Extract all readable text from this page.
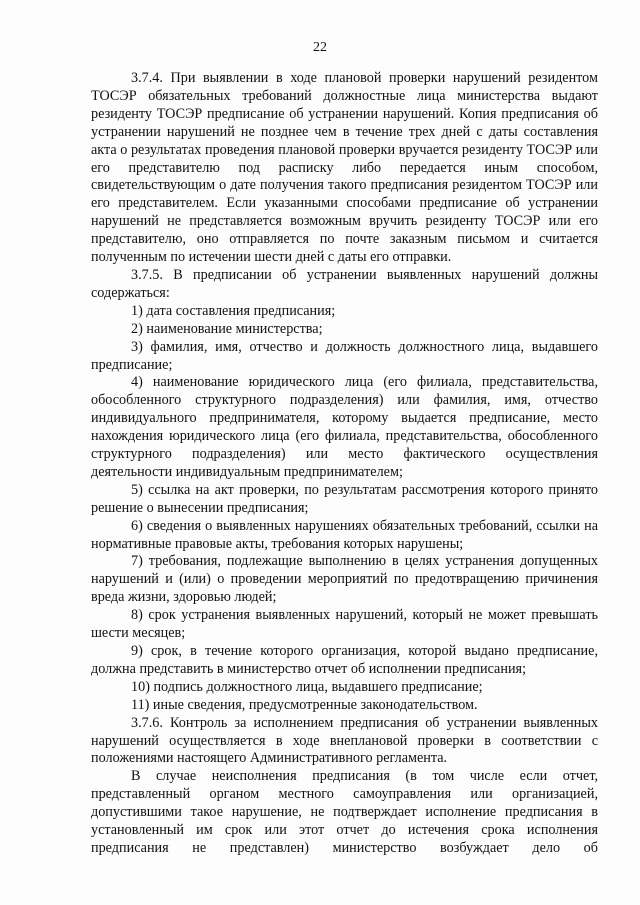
22

3.7.4. При выявлении в ходе плановой проверки нарушений резидентом ТОСЭР обязательных требований должностные лица министерства выдают резиденту ТОСЭР предписание об устранении нарушений. Копия предписания об устранении нарушений не позднее чем в течение трех дней с даты составления акта о результатах проведения плановой проверки вручается резиденту ТОСЭР или его представителю под расписку либо передается иным способом, свидетельствующим о дате получения такого предписания резидентом ТОСЭР или его представителем. Если указанными способами предписание об устранении нарушений не представляется возможным вручить резиденту ТОСЭР или его представителю, оно отправляется по почте заказным письмом и считается полученным по истечении шести дней с даты его отправки.

3.7.5. В предписании об устранении выявленных нарушений должны содержаться:

1) дата составления предписания;

2) наименование министерства;

3) фамилия, имя, отчество и должность должностного лица, выдавшего предписание;

4) наименование юридического лица (его филиала, представительства, обособленного структурного подразделения) или фамилия, имя, отчество индивидуального предпринимателя, которому выдается предписание, место нахождения юридического лица (его филиала, представительства, обособленного структурного подразделения) или место фактического осуществления деятельности индивидуальным предпринимателем;

5) ссылка на акт проверки, по результатам рассмотрения которого принято решение о вынесении предписания;

6) сведения о выявленных нарушениях обязательных требований, ссылки на нормативные правовые акты, требования которых нарушены;

7) требования, подлежащие выполнению в целях устранения допущенных нарушений и (или) о проведении мероприятий по предотвращению причинения вреда жизни, здоровью людей;

8) срок устранения выявленных нарушений, который не может превышать шести месяцев;

9) срок, в течение которого организация, которой выдано предписание, должна представить в министерство отчет об исполнении предписания;

10) подпись должностного лица, выдавшего предписание;

11) иные сведения, предусмотренные законодательством.

3.7.6. Контроль за исполнением предписания об устранении выявленных нарушений осуществляется в ходе внеплановой проверки в соответствии с положениями настоящего Административного регламента.

В случае неисполнения предписания (в том числе если отчет, представленный органом местного самоуправления или организацией, допустившими такое нарушение, не подтверждает исполнение предписания в установленный им срок или этот отчет до истечения срока исполнения предписания не представлен) министерство возбуждает дело об
